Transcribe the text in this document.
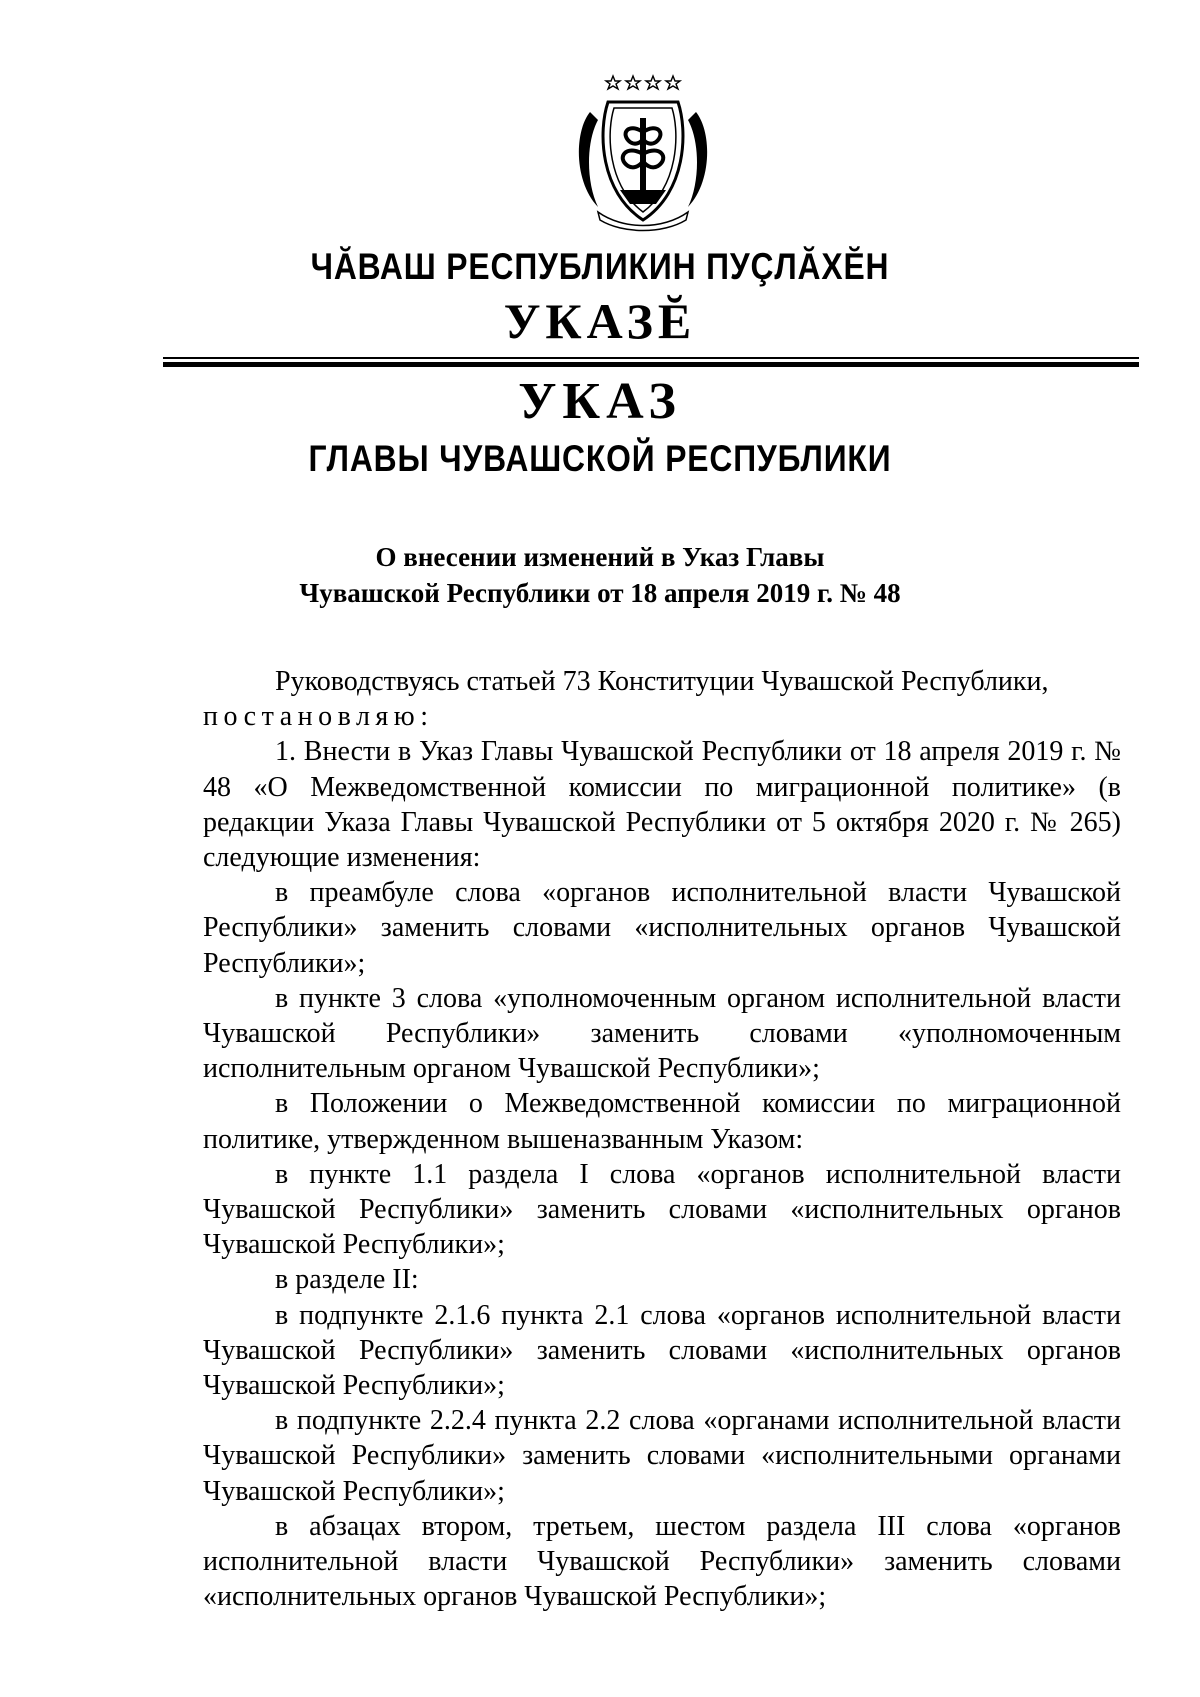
ЧӐВАШ РЕСПУБЛИКИН ПУÇЛĂХĔН
УКАЗĔ
УКАЗ
ГЛАВЫ ЧУВАШСКОЙ РЕСПУБЛИКИ
О внесении изменений в Указ Главы
Чувашской Республики от 18 апреля 2019 г. № 48

Руководствуясь статьей 73 Конституции Чувашской Республики,

постановляю:

1. Внести в Указ Главы Чувашской Республики от 18 апреля 2019 г. № 48 «О Межведомственной комиссии по миграционной политике» (в редакции Указа Главы Чувашской Республики от 5 октября 2020 г. № 265) следующие изменения:

в преамбуле слова «органов исполнительной власти Чувашской Республики» заменить словами «исполнительных органов Чувашской Республики»;

в пункте 3 слова «уполномоченным органом исполнительной власти Чувашской Республики» заменить словами «уполномоченным исполнительным органом Чувашской Республики»;

в Положении о Межведомственной комиссии по миграционной политике, утвержденном вышеназванным Указом:

в пункте 1.1 раздела I слова «органов исполнительной власти Чувашской Республики» заменить словами «исполнительных органов Чувашской Республики»;

в разделе II:

в подпункте 2.1.6 пункта 2.1 слова «органов исполнительной власти Чувашской Республики» заменить словами «исполнительных органов Чувашской Республики»;

в подпункте 2.2.4 пункта 2.2 слова «органами исполнительной власти Чувашской Республики» заменить словами «исполнительными органами Чувашской Республики»;

в абзацах втором, третьем, шестом раздела III слова «органов исполнительной власти Чувашской Республики» заменить словами «исполнительных органов Чувашской Республики»;
